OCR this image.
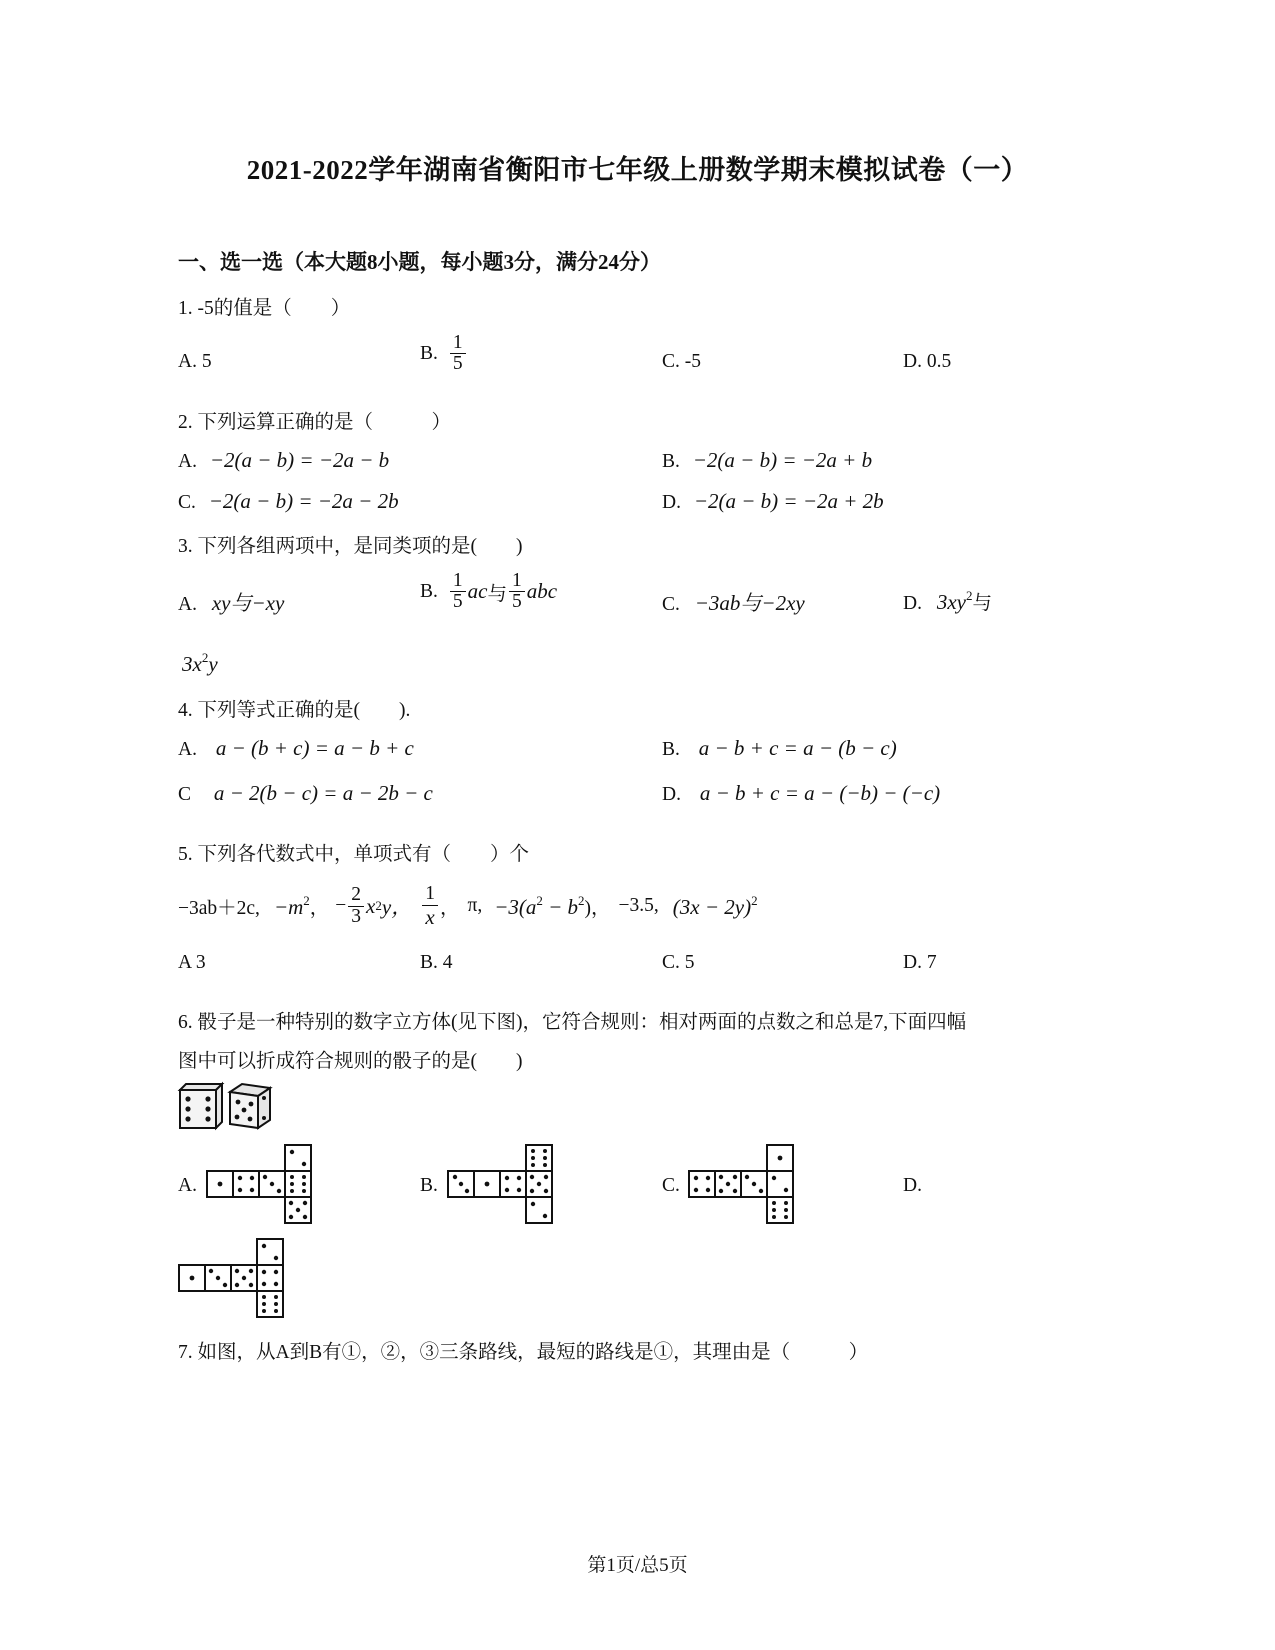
2021-2022学年湖南省衡阳市七年级上册数学期末模拟试卷（一）
一、选一选（本大题8小题，每小题3分，满分24分）
1. -5的值是（　　）
A. 5	B. $\frac{1}{5}$	C. -5	D. 0.5
2. 下列运算正确的是（　　　）
A. −2(a − b) = −2a − b	B. −2(a − b) = −2a + b
C. −2(a − b) = −2a − 2b	D. −2(a − b) = −2a + 2b
3. 下列各组两项中，是同类项的是(　　)
A. xy与−xy	B. $\frac{1}{5}$ ac 与 $\frac{1}{5}$ abc
C. −3ab与−2xy	D. $3xy^2$与
$3x^2y$
4. 下列等式正确的是(　　).
A. a − (b + c) = a − b + c	B. a − b + c = a − (b − c)
C a − 2(b − c) = a − 2b − c	D. a − b + c = a − (−b) − (−c)
5. 下列各代数式中，单项式有（　　）个
−3ab＋2c, $-m^2$， − $\frac{2}{3}$ x 2 y， $\frac{1}{x}$ ， π, $-3(a^2 - b^2)$， −3.5, $(3x - 2y)^2$
A 3	B. 4	C. 5	D. 7
6. 骰子是一种特别的数字立方体(见下图)，它符合规则：相对两面的点数之和总是7,下面四幅
图中可以折成符合规则的骰子的是(　　)
A.	B.	C.	D.
7. 如图，从A到B有①，②，③三条路线，最短的路线是①，其理由是（　　　）
第1页/总5页
